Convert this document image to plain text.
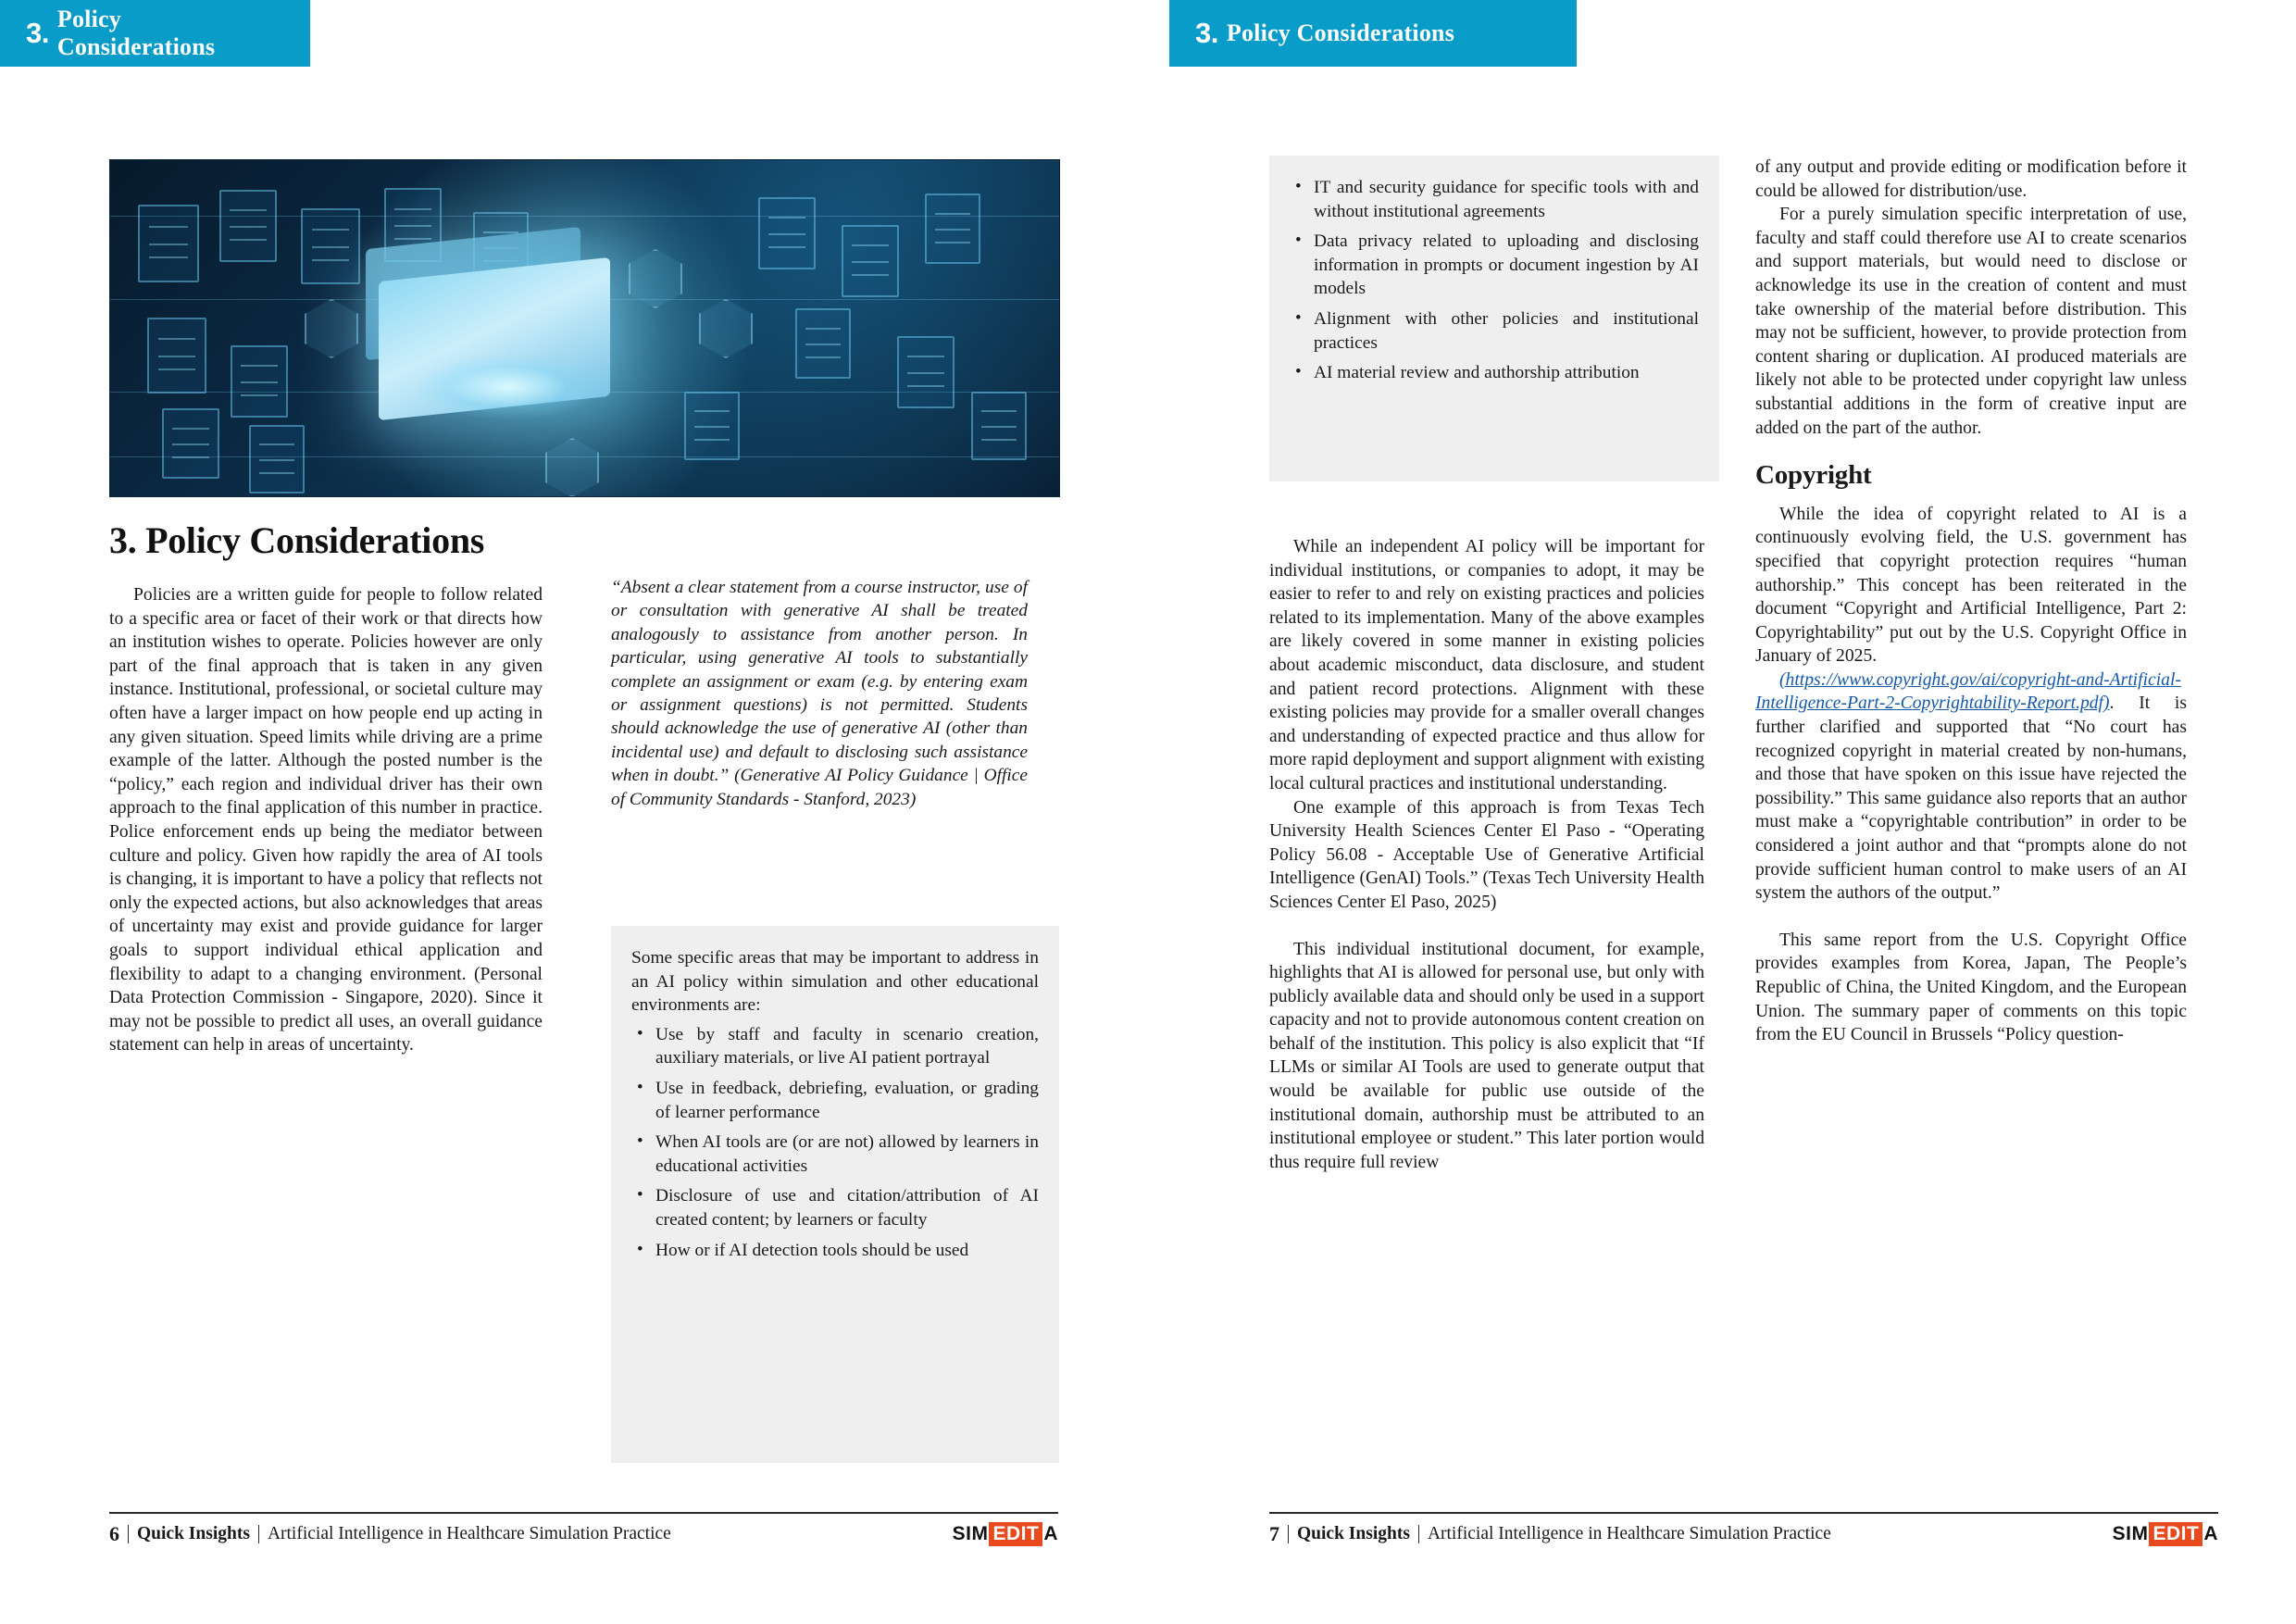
3. Policy Considerations
3. Policy Considerations

Policies are a written guide for people to follow related to a specific area or facet of their work or that directs how an institution wishes to operate. Policies however are only part of the final approach that is taken in any given instance. Institutional, professional, or societal culture may often have a larger impact on how people end up acting in any given situation. Speed limits while driving are a prime example of the latter. Although the posted number is the “policy,” each region and individual driver has their own approach to the final application of this number in practice. Police enforcement ends up being the mediator between culture and policy. Given how rapidly the area of AI tools is changing, it is important to have a policy that reflects not only the expected actions, but also acknowledges that areas of uncertainty may exist and provide guidance for larger goals to support individual ethical application and flexibility to adapt to a changing environment. (Personal Data Protection Commission - Singapore, 2020). Since it may not be possible to predict all uses, an overall guidance statement can help in areas of uncertainty.

“Absent a clear statement from a course instructor, use of or consultation with generative AI shall be treated analogously to assistance from another person. In particular, using generative AI tools to substantially complete an assignment or exam (e.g. by entering exam or assignment questions) is not permitted. Students should acknowledge the use of generative AI (other than incidental use) and default to disclosing such assistance when in doubt.” (Generative AI Policy Guidance | Office of Community Standards - Stanford, 2023)

Some specific areas that may be important to address in an AI policy within simulation and other educational environments are:

• Use by staff and faculty in scenario creation, auxiliary materials, or live AI patient portrayal
• Use in feedback, debriefing, evaluation, or grading of learner performance
• When AI tools are (or are not) allowed by learners in educational activities
• Disclosure of use and citation/attribution of AI created content; by learners or faculty
• How or if AI detection tools should be used
6 Quick Insights Artificial Intelligence in Healthcare Simulation Practice	SIM EDIT A
3. Policy Considerations
• IT and security guidance for specific tools with and without institutional agreements
• Data privacy related to uploading and disclosing information in prompts or document ingestion by AI models
• Alignment with other policies and institutional practices
• AI material review and authorship attribution

While an independent AI policy will be important for individual institutions, or companies to adopt, it may be easier to refer to and rely on existing practices and policies related to its implementation. Many of the above examples are likely covered in some manner in existing policies about academic misconduct, data disclosure, and student and patient record protections. Alignment with these existing policies may provide for a smaller overall changes and understanding of expected practice and thus allow for more rapid deployment and support alignment with existing local cultural practices and institutional understanding.

One example of this approach is from Texas Tech University Health Sciences Center El Paso - “Operating Policy 56.08 - Acceptable Use of Generative Artificial Intelligence (GenAI) Tools.” (Texas Tech University Health Sciences Center El Paso, 2025)

This individual institutional document, for example, highlights that AI is allowed for personal use, but only with publicly available data and should only be used in a support capacity and not to provide autonomous content creation on behalf of the institution. This policy is also explicit that “If LLMs or similar AI Tools are used to generate output that would be available for public use outside of the institutional domain, authorship must be attributed to an institutional employee or student.” This later portion would thus require full review

of any output and provide editing or modification before it could be allowed for distribution/use.

For a purely simulation specific interpretation of use, faculty and staff could therefore use AI to create scenarios and support materials, but would need to disclose or acknowledge its use in the creation of content and must take ownership of the material before distribution. This may not be sufficient, however, to provide protection from content sharing or duplication. AI produced materials are likely not able to be protected under copyright law unless substantial additions in the form of creative input are added on the part of the author.

Copyright

While the idea of copyright related to AI is a continuously evolving field, the U.S. government has specified that copyright protection requires “human authorship.” This concept has been reiterated in the document “Copyright and Artificial Intelligence, Part 2: Copyrightability” put out by the U.S. Copyright Office in January of 2025.

(https://www.copyright.gov/ai/copyright-and-Artificial-Intelligence-Part-2-Copyrightability-Report.pdf). It is further clarified and supported that “No court has recognized copyright in material created by non-humans, and those that have spoken on this issue have rejected the possibility.” This same guidance also reports that an author must make a “copyrightable contribution” in order to be considered a joint author and that “prompts alone do not provide sufficient human control to make users of an AI system the authors of the output.”

This same report from the U.S. Copyright Office provides examples from Korea, Japan, The People’s Republic of China, the United Kingdom, and the European Union. The summary paper of comments on this topic from the EU Council in Brussels “Policy question-

7 Quick Insights Artificial Intelligence in Healthcare Simulation Practice	SIM EDIT A
